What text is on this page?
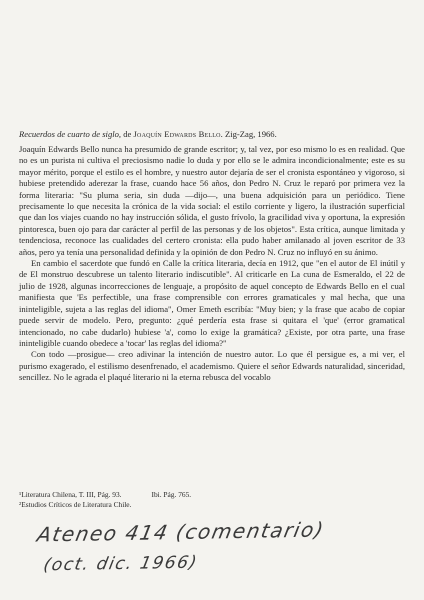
Recuerdos de cuarto de siglo, de Joaquín Edwards Bello. Zig-Zag, 1966.

Joaquín Edwards Bello nunca ha presumido de grande escritor; y, tal vez, por eso mismo lo es en realidad. Que no es un purista ni cultiva el preciosismo nadie lo duda y por ello se le admira incondicionalmente; este es su mayor mérito, porque el estilo es el hombre, y nuestro autor dejaría de ser el cronista espontáneo y vigoroso, si hubiese pretendido aderezar la frase, cuando hace 56 años, don Pedro N. Cruz le reparó por primera vez la forma literaria: "Su pluma seria, sin duda —dijo—, una buena adquisición para un periódico. Tiene precisamente lo que necesita la crónica de la vida social: el estilo corriente y ligero, la ilustración superficial que dan los viajes cuando no hay instrucción sólida, el gusto frívolo, la gracilidad viva y oportuna, la expresión pintoresca, buen ojo para dar carácter al perfil de las personas y de los objetos". Esta crítica, aunque limitada y tendenciosa, reconoce las cualidades del certero cronista: ella pudo haber amilanado al joven escritor de 33 años, pero ya tenía una personalidad definida y la opinión de don Pedro N. Cruz no influyó en su ánimo.

En cambio el sacerdote que fundó en Calle la crítica literaria, decía en 1912, que "en el autor de El inútil y de El monstruo descubrese un talento literario indiscutible". Al criticarle en La cuna de Esmeraldo, el 22 de julio de 1928, algunas incorrecciones de lenguaje, a propósito de aquel concepto de Edwards Bello en el cual manifiesta que 'Es perfectible, una frase comprensible con errores gramaticales y mal hecha, que una ininteligible, sujeta a las reglas del idioma", Omer Emeth escribía: "Muy bien; y la frase que acabo de copiar puede servir de modelo. Pero, pregunto: ¿qué perdería esta frase si quitara el 'que' (error gramatical intencionado, no cabe dudarlo) hubiese 'a', como lo exige la gramática? ¿Existe, por otra parte, una frase ininteligible cuando obedece a 'tocar' las reglas del idioma?"

Con todo —prosigue— creo adivinar la intención de nuestro autor. Lo que él persigue es, a mi ver, el purismo exagerado, el estilismo desenfrenado, el academismo. Quiere el señor Edwards naturalidad, sinceridad, sencillez. No le agrada el plaqué literario ni la eterna rebusca del vocablo

¹Literatura Chilena, T. III, Pág. 93.	Ibi. Pág. 765.
²Estudios Críticos de Literatura Chile.
Ateneo 414 (comentario)
(oct. dic. 1966)
